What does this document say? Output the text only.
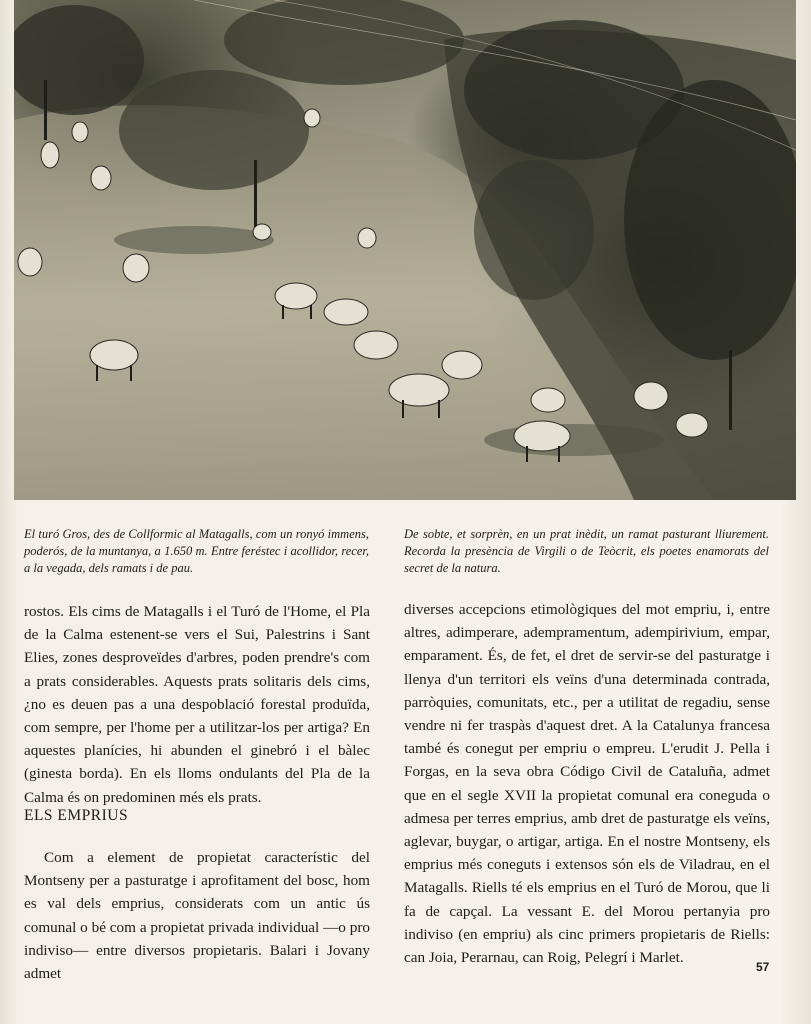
El turó Gros, des de Collformic al Matagalls, com un ronyó immens, poderós, de la muntanya, a 1.650 m. Entre feréstec i acollidor, recer, a la vegada, dels ramats i de pau.
De sobte, et sorprèn, en un prat inèdit, un ramat pasturant lliurement. Recorda la presència de Virgili o de Teòcrit, els poetes enamorats del secret de la natura.

rostos. Els cims de Matagalls i el Turó de l'Home, el Pla de la Calma estenent-se vers el Sui, Palestrins i Sant Elies, zones desproveïdes d'arbres, poden prendre's com a prats considerables. Aquests prats solitaris dels cims, ¿no es deuen pas a una despoblació forestal produïda, com sempre, per l'home per a utilitzar-los per artiga? En aquestes planícies, hi abunden el ginebró i el bàlec (ginesta borda). En els lloms ondulants del Pla de la Calma és on predominen més els prats.

ELS EMPRIUS

Com a element de propietat característic del Montseny per a pasturatge i aprofitament del bosc, hom es val dels emprius, considerats com un antic ús comunal o bé com a propietat privada individual —o pro indiviso— entre diversos propietaris. Balari i Jovany admet

diverses accepcions etimològiques del mot empriu, i, entre altres, adimperare, adempramentum, adempirivium, empar, emparament. És, de fet, el dret de servir-se del pasturatge i llenya d'un territori els veïns d'una determinada contrada, parròquies, comunitats, etc., per a utilitat de regadiu, sense vendre ni fer traspàs d'aquest dret. A la Catalunya francesa també és conegut per empriu o empreu. L'erudit J. Pella i Forgas, en la seva obra Código Civil de Cataluña, admet que en el segle XVII la propietat comunal era coneguda o admesa per terres emprius, amb dret de pasturatge els veïns, aglevar, buygar, o artigar, artiga. En el nostre Montseny, els emprius més coneguts i extensos són els de Viladrau, en el Matagalls. Riells té els emprius en el Turó de Morou, que li fa de capçal. La vessant E. del Morou pertanyia pro indiviso (en empriu) als cinc primers propietaris de Riells: can Joia, Perarnau, can Roig, Pelegrí i Marlet.

57
